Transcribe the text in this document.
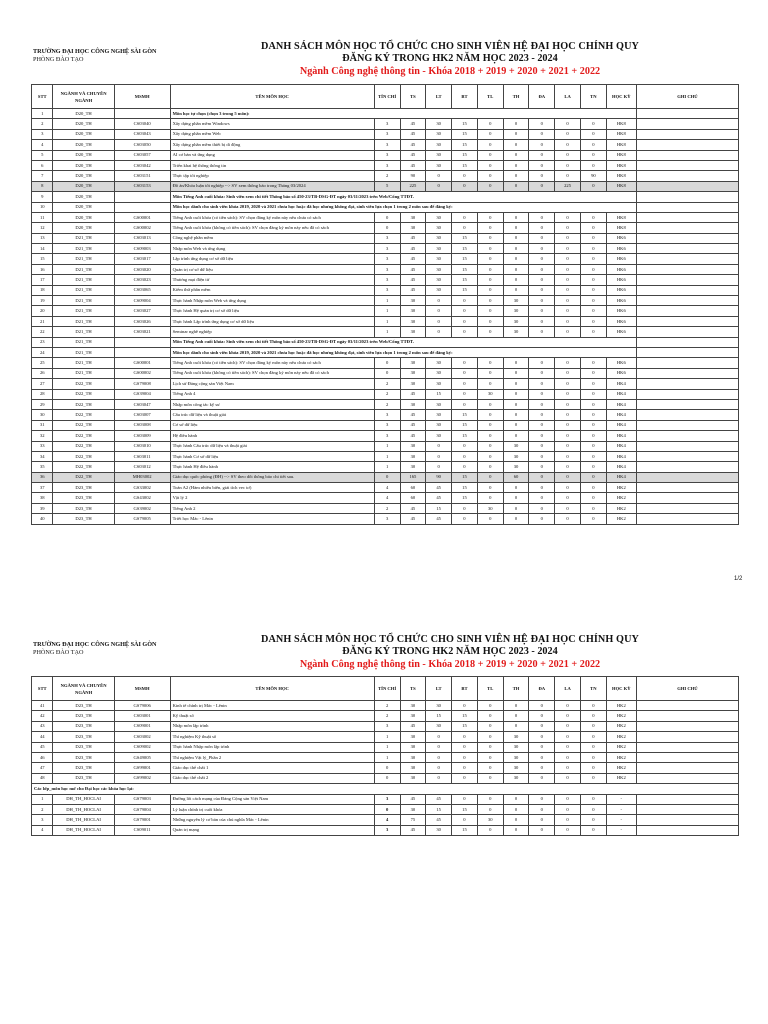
TRƯỜNG ĐẠI HỌC CÔNG NGHỆ SÀI GÒN
PHÒNG ĐÀO TẠO
DANH SÁCH MÔN HỌC TỔ CHỨC CHO SINH VIÊN HỆ ĐẠI HỌC CHÍNH QUY
ĐĂNG KÝ TRONG HK2 NĂM HỌC 2023 - 2024
Ngành Công nghệ thông tin - Khóa 2018 + 2019 + 2020 + 2021 + 2022
STT	NGÀNH VÀ CHUYÊN NGÀNH	MSMH	TÊN MÔN HỌC	TÍN CHỈ	TS	LT	BT	TL	TH	ĐA	LA	TN	HỌC KỲ	GHI CHÚ
1	D20_TH		Môn học tự chọn (chọn 3 trong 5 môn):											
2	D20_TH	CS03040	Xây dựng phần mềm Windows	3	45	30	15	0	0	0	0	0	HK8	
3	D20_TH	CS03043	Xây dựng phần mềm Web	3	45	30	15	0	0	0	0	0	HK8	
4	D20_TH	CS03050	Xây dựng phần mềm thiết bị di động	3	45	30	15	0	0	0	0	0	HK8	
5	D20_TH	CS03057	AI cơ bản và ứng dụng	3	45	30	15	0	0	0	0	0	HK8	
6	D20_TH	CS03042	Triển khai hệ thống thông tin	3	45	30	15	0	0	0	0	0	HK8	
7	D20_TH	CS03151	Thực tập tốt nghiệp	2	90	0	0	0	0	0	0	90	HK8	
8	D20_TH	CS03153	Đồ án/Khóa luận tốt nghiệp --> SV xem thông báo trong Tháng 03/2024	5	225	0	0	0	0	0	225	0	HK8	
9	D20_TH		Môn Tiếng Anh cuối khóa: Sinh viên xem chi tiết Thông báo số 450-23/TB-DSG-ĐT ngày 03/11/2023 trên Web/Cổng TTĐT.											
10	D20_TH		Môn học dành cho sinh viên khóa 2019, 2020 và 2021 chưa học hoặc đã học nhưng không đạt, sinh viên lựa chọn 1 trong 2 môn sau để đăng ký:											
11	D20_TH	GS00001	Tiếng Anh cuối khóa (có tiền sách): SV chọn đăng ký môn này nếu chưa có sách	0	30	30	0	0	0	0	0	0	HK8	
12	D20_TH	GS00002	Tiếng Anh cuối khóa (không có tiền sách): SV chọn đăng ký môn này nếu đã có sách	0	30	30	0	0	0	0	0	0	HK8	
13	D21_TH	CS03013	Công nghệ phần mềm	3	45	30	15	0	0	0	0	0	HK6	
14	D21_TH	CS09003	Nhập môn Web và ứng dụng	3	45	30	15	0	0	0	0	0	HK6	
15	D21_TH	CS03017	Lập trình ứng dụng cơ sở dữ liệu	3	45	30	15	0	0	0	0	0	HK6	
16	D21_TH	CS03020	Quản trị cơ sở dữ liệu	3	45	30	15	0	0	0	0	0	HK6	
17	D21_TH	CS03023	Thương mại điện tử	3	45	30	15	0	0	0	0	0	HK6	
18	D21_TH	CS03065	Kiểm thử phần mềm	3	45	30	15	0	0	0	0	0	HK6	
19	D21_TH	CS09004	Thực hành Nhập môn Web và ứng dụng	1	30	0	0	0	30	0	0	0	HK6	
20	D21_TH	CS03027	Thực hành Hệ quản trị cơ sở dữ liệu	1	30	0	0	0	30	0	0	0	HK6	
21	D21_TH	CS03026	Thực hành Lập trình ứng dụng cơ sở dữ liệu	1	30	0	0	0	30	0	0	0	HK6	
22	D21_TH	CS03021	Seminar nghề nghiệp	1	30	0	0	0	30	0	0	0	HK6	
23	D21_TH		Môn Tiếng Anh cuối khóa: Sinh viên xem chi tiết Thông báo số 450-23/TB-DSG-ĐT ngày 03/11/2023 trên Web/Cổng TTĐT.											
24	D21_TH		Môn học dành cho sinh viên khóa 2019, 2020 và 2021 chưa học hoặc đã học nhưng không đạt, sinh viên lựa chọn 1 trong 2 môn sau để đăng ký:											
25	D21_TH	GS00001	Tiếng Anh cuối khóa (có tiền sách): SV chọn đăng ký môn này nếu chưa có sách	0	30	30	0	0	0	0	0	0	HK6	
26	D21_TH	GS00002	Tiếng Anh cuối khóa (không có tiền sách): SV chọn đăng ký môn này nếu đã có sách	0	30	30	0	0	0	0	0	0	HK6	
27	D22_TH	GS79008	Lịch sử Đảng cộng sản Việt Nam	2	30	30	0	0	0	0	0	0	HK4	
28	D22_TH	GS39004	Tiếng Anh 4	2	45	15	0	30	0	0	0	0	HK4	
29	D22_TH	CS03047	Nhập môn công tác kỹ sư	2	30	30	0	0	0	0	0	0	HK4	
30	D22_TH	CS03007	Cấu trúc dữ liệu và thuật giải	3	45	30	15	0	0	0	0	0	HK4	
31	D22_TH	CS03008	Cơ sở dữ liệu	3	45	30	15	0	0	0	0	0	HK4	
32	D22_TH	CS03009	Hệ điều hành	3	45	30	15	0	0	0	0	0	HK4	
33	D22_TH	CS03010	Thực hành Cấu trúc dữ liệu và thuật giải	1	30	0	0	0	30	0	0	0	HK4	
34	D22_TH	CS03011	Thực hành Cơ sở dữ liệu	1	30	0	0	0	30	0	0	0	HK4	
35	D22_TH	CS03012	Thực hành Hệ điều hành	1	30	0	0	0	30	0	0	0	HK4	
36	D22_TH	MH03002	Giáo dục quốc phòng (ĐH) --> SV theo dõi thông báo chi tiết sau.	0	165	90	15	0	60	0	0	0	HK4	
37	D23_TH	GS33002	Toán A2 (Hàm nhiều biến, giải tích vec tơ)	4	60	45	15	0	0	0	0	0	HK2	
38	D23_TH	GS43002	Vật lý 2	4	60	45	15	0	0	0	0	0	HK2	
39	D23_TH	GS39002	Tiếng Anh 2	2	45	15	0	30	0	0	0	0	HK2	
40	D23_TH	GS79005	Triết học Mác - Lênin	3	45	45	0	0	0	0	0	0	HK2	
1/2
TRƯỜNG ĐẠI HỌC CÔNG NGHỆ SÀI GÒN
PHÒNG ĐÀO TẠO
DANH SÁCH MÔN HỌC TỔ CHỨC CHO SINH VIÊN HỆ ĐẠI HỌC CHÍNH QUY
ĐĂNG KÝ TRONG HK2 NĂM HỌC 2023 - 2024
Ngành Công nghệ thông tin - Khóa 2018 + 2019 + 2020 + 2021 + 2022
STT	NGÀNH VÀ CHUYÊN NGÀNH	MSMH	TÊN MÔN HỌC	TÍN CHỈ	TS	LT	BT	TL	TH	ĐA	LA	TN	HỌC KỲ	GHI CHÚ
41	D23_TH	GS79006	Kinh tế chính trị Mác - Lênin	2	30	30	0	0	0	0	0	0	HK2	
42	D23_TH	CS03001	Kỹ thuật số	2	30	15	15	0	0	0	0	0	HK2	
43	D23_TH	CS09001	Nhập môn lập trình	3	45	30	15	0	0	0	0	0	HK2	
44	D23_TH	CS03002	Thí nghiệm Kỹ thuật số	1	30	0	0	0	30	0	0	0	HK2	
45	D23_TH	CS09002	Thực hành Nhập môn lập trình	1	30	0	0	0	30	0	0	0	HK2	
46	D23_TH	GS49005	Thí nghiệm Vật lý_Phần 2	1	30	0	0	0	30	0	0	0	HK2	
47	D23_TH	GS99001	Giáo dục thể chất 1	0	30	0	0	0	30	0	0	0	HK2	
48	D23_TH	GS99002	Giáo dục thể chất 2	0	30	0	0	0	30	0	0	0	HK2	
Các lớp_môn học mở cho Đại học các khóa học lại:														
1	DH_TH_HOCLAI	GS79003	Đường lối cách mạng của Đảng Cộng sản Việt Nam	3	45	45	0	0	0	0	0	0	-	
2	DH_TH_HOCLAI	GS79004	Lý luận chính trị cuối khóa	0	30	15	15	0	0	0	0	0	-	
3	DH_TH_HOCLAI	GS79001	Những nguyên lý cơ bản của chủ nghĩa Mác - Lênin	4	75	45	0	30	0	0	0	0	-	
4	DH_TH_HOCLAI	CS09011	Quản trị mạng	3	45	30	15	0	0	0	0	0	-	
